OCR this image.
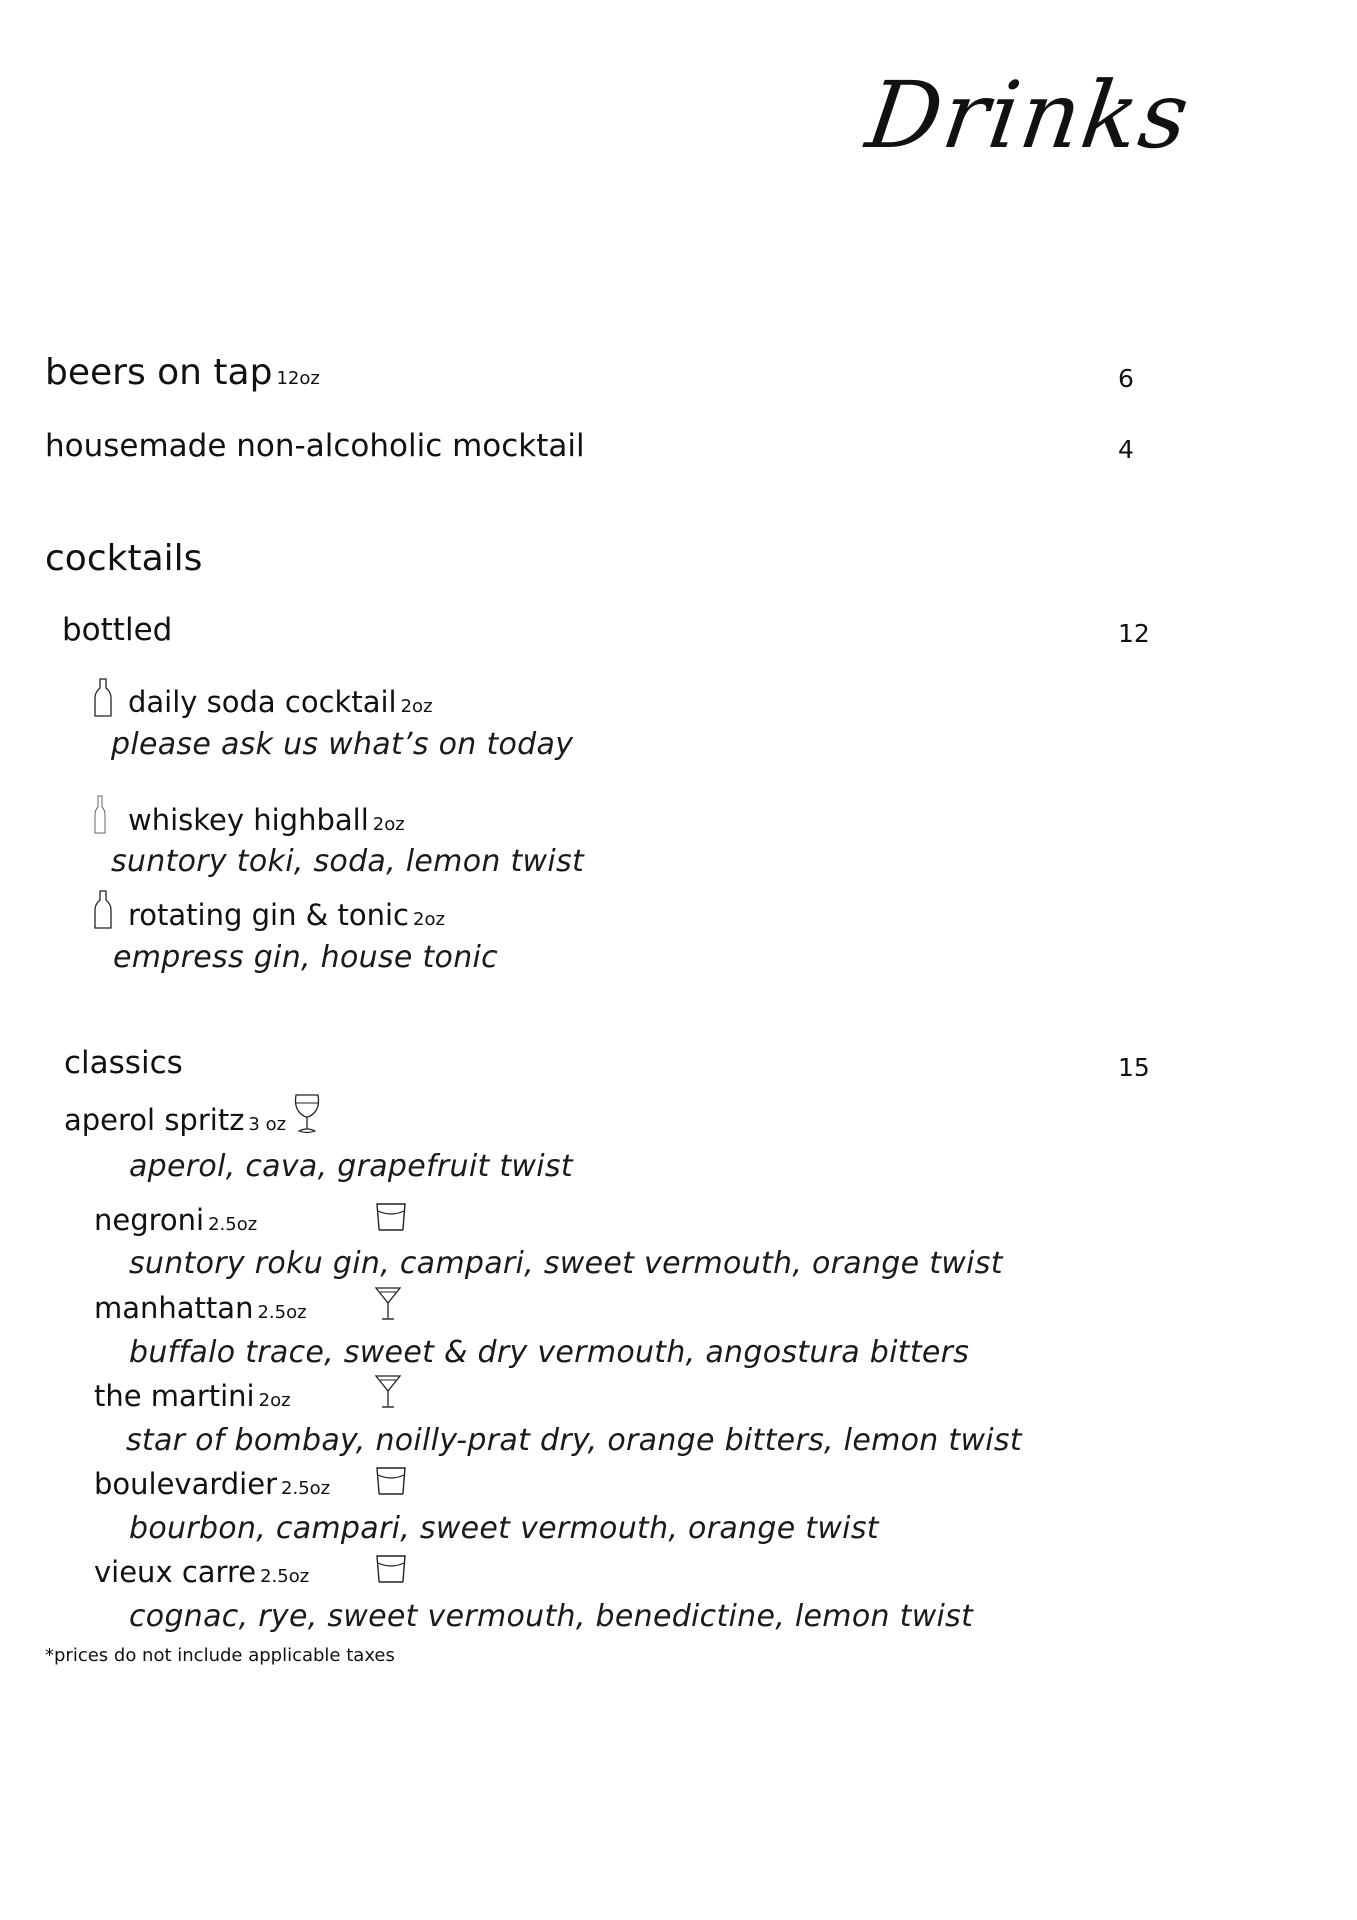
Drinks
beers on tap 12oz	6
housemade non-alcoholic mocktail	4
cocktails
bottled	12
daily soda cocktail 2oz
please ask us what’s on today
whiskey highball 2oz
suntory toki, soda, lemon twist
rotating gin & tonic 2oz
empress gin, house tonic
classics	15
aperol spritz 3 oz
aperol, cava, grapefruit twist
negroni 2.5oz
suntory roku gin, campari, sweet vermouth, orange twist
manhattan 2.5oz
buffalo trace, sweet & dry vermouth, angostura bitters
the martini 2oz
star of bombay, noilly-prat dry, orange bitters, lemon twist
boulevardier 2.5oz
bourbon, campari, sweet vermouth, orange twist
vieux carre 2.5oz
cognac, rye, sweet vermouth, benedictine, lemon twist
*prices do not include applicable taxes
